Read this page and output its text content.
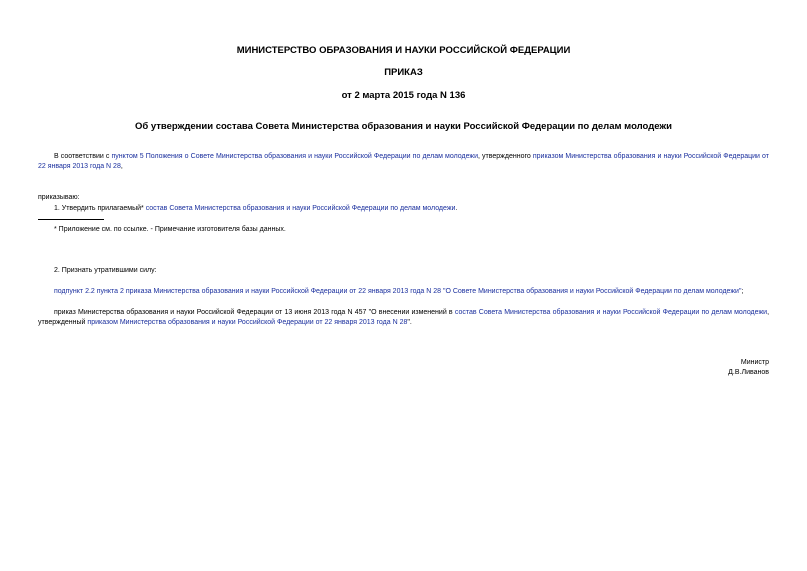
МИНИСТЕРСТВО ОБРАЗОВАНИЯ И НАУКИ РОССИЙСКОЙ ФЕДЕРАЦИИ
ПРИКАЗ
от 2 марта 2015 года N 136
Об утверждении состава Совета Министерства образования и науки Российской Федерации по делам молодежи
В соответствии с пунктом 5 Положения о Совете Министерства образования и науки Российской Федерации по делам молодежи, утвержденного приказом Министерства образования и науки Российской Федерации от 22 января 2013 года N 28,
приказываю:
1. Утвердить прилагаемый* состав Совета Министерства образования и науки Российской Федерации по делам молодежи.
* Приложение см. по ссылке. - Примечание изготовителя базы данных.
2. Признать утратившими силу:
подпункт 2.2 пункта 2 приказа Министерства образования и науки Российской Федерации от 22 января 2013 года N 28 "О Совете Министерства образования и науки Российской Федерации по делам молодежи";
приказ Министерства образования и науки Российской Федерации от 13 июня 2013 года N 457 "О внесении изменений в состав Совета Министерства образования и науки Российской Федерации по делам молодежи, утвержденный приказом Министерства образования и науки Российской Федерации от 22 января 2013 года N 28".
Министр
Д.В.Ливанов
